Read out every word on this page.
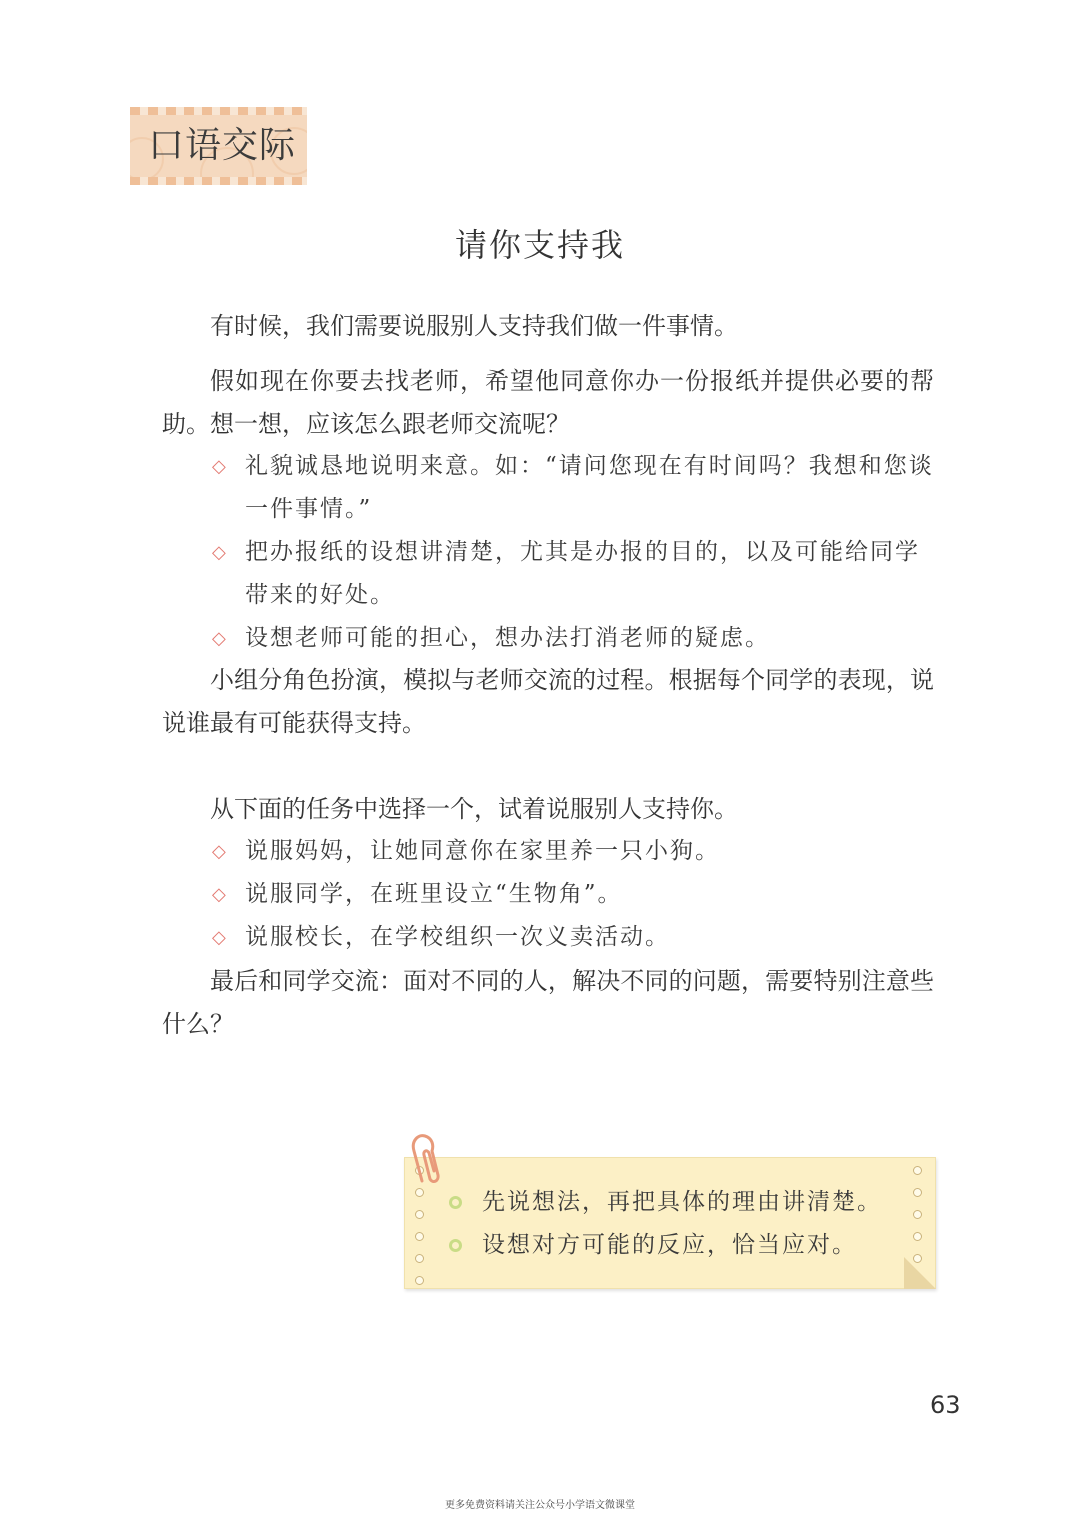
口语交际
请你支持我
有时候，我们需要说服别人支持我们做一件事情。
假如现在你要去找老师，希望他同意你办一份报纸并提供必要的帮助。想一想，应该怎么跟老师交流呢？
◇ 礼貌诚恳地说明来意。如：“请问您现在有时间吗？我想和您谈一件事情。”
◇ 把办报纸的设想讲清楚，尤其是办报的目的，以及可能给同学带来的好处。
◇ 设想老师可能的担心，想办法打消老师的疑虑。
小组分角色扮演，模拟与老师交流的过程。根据每个同学的表现，说说谁最有可能获得支持。
从下面的任务中选择一个，试着说服别人支持你。
◇ 说服妈妈，让她同意你在家里养一只小狗。
◇ 说服同学，在班里设立“生物角”。
◇ 说服校长，在学校组织一次义卖活动。
最后和同学交流：面对不同的人，解决不同的问题，需要特别注意些什么？
先说想法，再把具体的理由讲清楚。
设想对方可能的反应，恰当应对。
63
更多免费资料请关注公众号小学语文微课堂
